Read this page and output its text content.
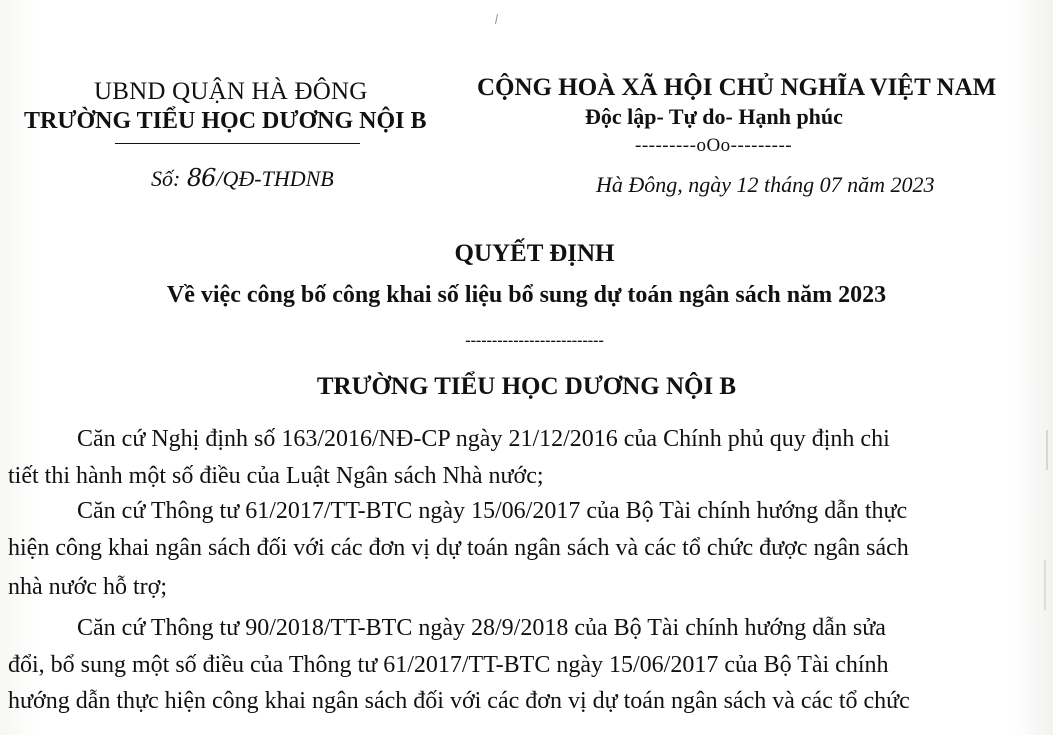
UBND QUẬN HÀ ĐÔNG
TRƯỜNG TIỂU HỌC DƯƠNG NỘI B
Số: 86/QĐ-THDNB
CỘNG HOÀ XÃ HỘI CHỦ NGHĨA VIỆT NAM
Độc lập- Tự do- Hạnh phúc
---------oOo---------
Hà Đông, ngày 12 tháng 07 năm 2023
QUYẾT ĐỊNH
Về việc công bố công khai số liệu bổ sung dự toán ngân sách năm 2023
--------------------------
TRƯỜNG TIỂU HỌC DƯƠNG NỘI B
Căn cứ Nghị định số 163/2016/NĐ-CP ngày 21/12/2016 của Chính phủ quy định chi
tiết thi hành một số điều của Luật Ngân sách Nhà nước;
Căn cứ Thông tư 61/2017/TT-BTC ngày 15/06/2017 của Bộ Tài chính hướng dẫn thực
hiện công khai ngân sách đối với các đơn vị dự toán ngân sách và các tổ chức được ngân sách
nhà nước hỗ trợ;
Căn cứ Thông tư 90/2018/TT-BTC ngày 28/9/2018 của Bộ Tài chính hướng dẫn sửa
đổi, bổ sung một số điều của Thông tư 61/2017/TT-BTC ngày 15/06/2017 của Bộ Tài chính
hướng dẫn thực hiện công khai ngân sách đối với các đơn vị dự toán ngân sách và các tổ chức
